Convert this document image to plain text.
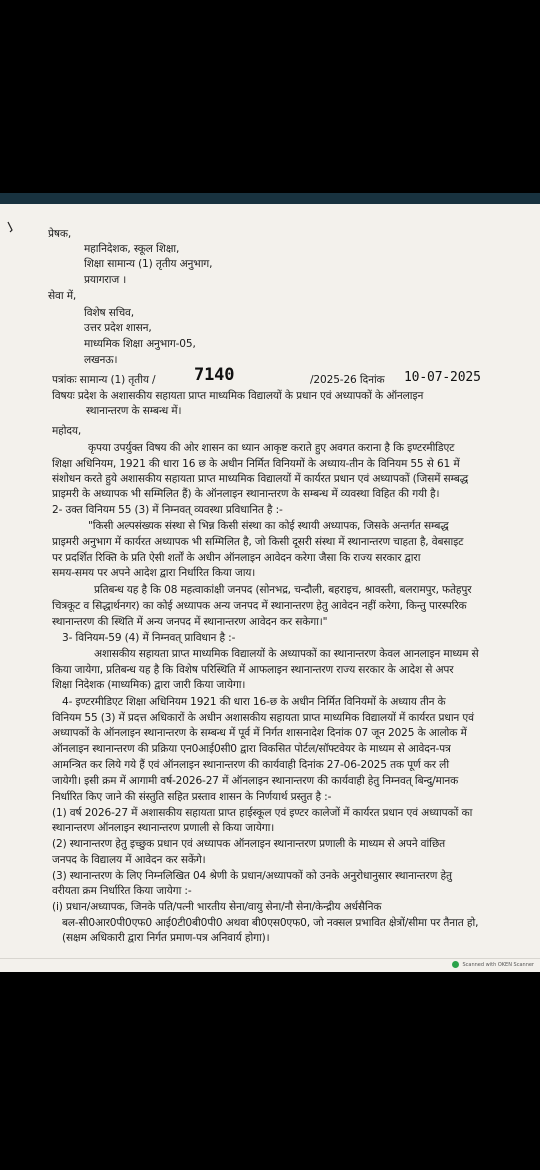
प्रेषक,
महानिदेशक, स्कूल शिक्षा,
शिक्षा सामान्य (1) तृतीय अनुभाग,
प्रयागराज ।
सेवा में,
विशेष सचिव,
उत्तर प्रदेश शासन,
माध्यमिक शिक्षा अनुभाग-05,
लखनऊ।
पत्रांकः सामान्य (1) तृतीय / 7140	/2025-26 दिनांक 10-07-2025
विषयः प्रदेश के अशासकीय सहायता प्राप्त माध्यमिक विद्यालयों के प्रधान एवं अध्यापकों के ऑनलाइन
स्थानान्तरण के सम्बन्ध में।
महोदय,
कृपया उपर्युक्त विषय की ओर शासन का ध्यान आकृष्ट कराते हुए अवगत कराना है कि इण्टरमीडिएट
शिक्षा अधिनियम, 1921 की धारा 16 छ के अधीन निर्मित विनियमों के अध्याय-तीन के विनियम 55 से 61 में
संशोधन करते हुये अशासकीय सहायता प्राप्त माध्यमिक विद्यालयों में कार्यरत प्रधान एवं अध्यापकों (जिसमें सम्बद्ध
प्राइमरी के अध्यापक भी सम्मिलित हैं) के ऑनलाइन स्थानान्तरण के सम्बन्ध में व्यवस्था विहित की गयी है।
2- उक्त विनियम 55 (3) में निम्नवत् व्यवस्था प्रविधानित है :-
"किसी अल्पसंख्यक संस्था से भिन्न किसी संस्था का कोई स्थायी अध्यापक, जिसके अन्तर्गत सम्बद्ध
प्राइमरी अनुभाग में कार्यरत अध्यापक भी सम्मिलित है, जो किसी दूसरी संस्था में स्थानान्तरण चाहता है, वेबसाइट
पर प्रदर्शित रिक्ति के प्रति ऐसी शर्तों के अधीन ऑनलाइन आवेदन करेगा जैसा कि राज्य सरकार द्वारा
समय-समय पर अपने आदेश द्वारा निर्धारित किया जाय।
प्रतिबन्ध यह है कि 08 महत्वाकांक्षी जनपद (सोनभद्र, चन्दौली, बहराइच, श्रावस्ती, बलरामपुर, फतेहपुर
चित्रकूट व सिद्धार्थनगर) का कोई अध्यापक अन्य जनपद में स्थानान्तरण हेतु आवेदन नहीं करेगा, किन्तु पारस्परिक
स्थानान्तरण की स्थिति में अन्य जनपद में स्थानान्तरण आवेदन कर सकेगा।"
3- विनियम-59 (4) में निम्नवत् प्राविधान है :-
अशासकीय सहायता प्राप्त माध्यमिक विद्यालयों के अध्यापकों का स्थानान्तरण केवल आनलाइन माध्यम से
किया जायेगा, प्रतिबन्ध यह है कि विशेष परिस्थिति में आफलाइन स्थानान्तरण राज्य सरकार के आदेश से अपर
शिक्षा निदेशक (माध्यमिक) द्वारा जारी किया जायेगा।
4- इण्टरमीडिएट शिक्षा अधिनियम 1921 की धारा 16-छ के अधीन निर्मित विनियमों के अध्याय तीन के
विनियम 55 (3) में प्रदत्त अधिकारों के अधीन अशासकीय सहायता प्राप्त माध्यमिक विद्यालयों में कार्यरत प्रधान एवं
अध्यापकों के ऑनलाइन स्थानान्तरण के सम्बन्ध में पूर्व में निर्गत शासनादेश दिनांक 07 जून 2025 के आलोक में
ऑनलाइन स्थानान्तरण की प्रक्रिया एन0आई0सी0 द्वारा विकसित पोर्टल/सॉफ्टवेयर के माध्यम से आवेदन-पत्र
आमन्त्रित कर लिये गये हैं एवं ऑनलाइन स्थानान्तरण की कार्यवाही दिनांक 27-06-2025 तक पूर्ण कर ली
जायेगी। इसी क्रम में आगामी वर्ष-2026-27 में ऑनलाइन स्थानान्तरण की कार्यवाही हेतु निम्नवत् बिन्दु/मानक
निर्धारित किए जाने की संस्तुति सहित प्रस्ताव शासन के निर्णयार्थ प्रस्तुत है :-
(1) वर्ष 2026-27 में अशासकीय सहायता प्राप्त हाईस्कूल एवं इण्टर कालेजों में कार्यरत प्रधान एवं अध्यापकों का
स्थानान्तरण ऑनलाइन स्थानान्तरण प्रणाली से किया जायेगा।
(2) स्थानान्तरण हेतु इच्छुक प्रधान एवं अध्यापक ऑनलाइन स्थानान्तरण प्रणाली के माध्यम से अपने वांछित
जनपद के विद्यालय में आवेदन कर सकेंगे।
(3) स्थानान्तरण के लिए निम्नलिखित 04 श्रेणी के प्रधान/अध्यापकों को उनके अनुरोधानुसार स्थानान्तरण हेतु
वरीयता क्रम निर्धारित किया जायेगा :-
(i) प्रधान/अध्यापक, जिनके पति/पत्नी भारतीय सेना/वायु सेना/नौ सेना/केन्द्रीय अर्धसैनिक
बल-सी0आर0पी0एफ0 आई0टी0बी0पी0 अथवा बी0एस0एफ0, जो नक्सल प्रभावित क्षेत्रों/सीमा पर तैनात हो,
(सक्षम अधिकारी द्वारा निर्गत प्रमाण-पत्र अनिवार्य होगा)।
Scanned with OKEN Scanner
